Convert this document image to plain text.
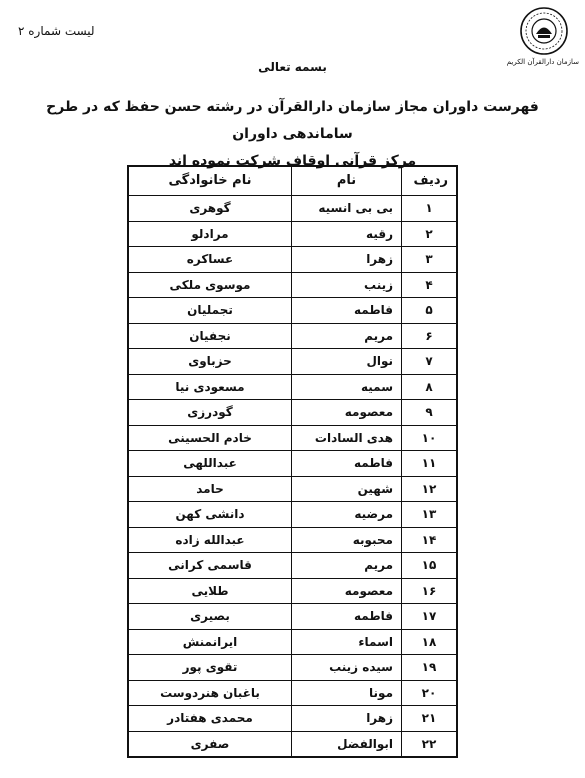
لیست شماره ۲
سازمان دارالقرآن الکریم
بسمه تعالی
فهرست داوران مجاز سازمان دارالقرآن در رشته حسن حفظ که در طرح ساماندهی داوران
مرکز قرآنی اوقاف شرکت نموده اند
ردیف	نام	نام خانوادگی
۱	بی بی انسیه	گوهری
۲	رقیه	مرادلو
۳	زهرا	عساکره
۴	زینب	موسوی ملکی
۵	فاطمه	تجملیان
۶	مریم	نجفیان
۷	نوال	حزباوی
۸	سمیه	مسعودی نیا
۹	معصومه	گودرزی
۱۰	هدی السادات	خادم الحسینی
۱۱	فاطمه	عبداللهی
۱۲	شهین	حامد
۱۳	مرضیه	دانشی کهن
۱۴	محبوبه	عبدالله زاده
۱۵	مریم	قاسمی کرانی
۱۶	معصومه	طلایی
۱۷	فاطمه	بصیری
۱۸	اسماء	ایرانمنش
۱۹	سیده زینب	تقوی پور
۲۰	مونا	باغبان هنردوست
۲۱	زهرا	محمدی هفتادر
۲۲	ابوالفضل	صفری
